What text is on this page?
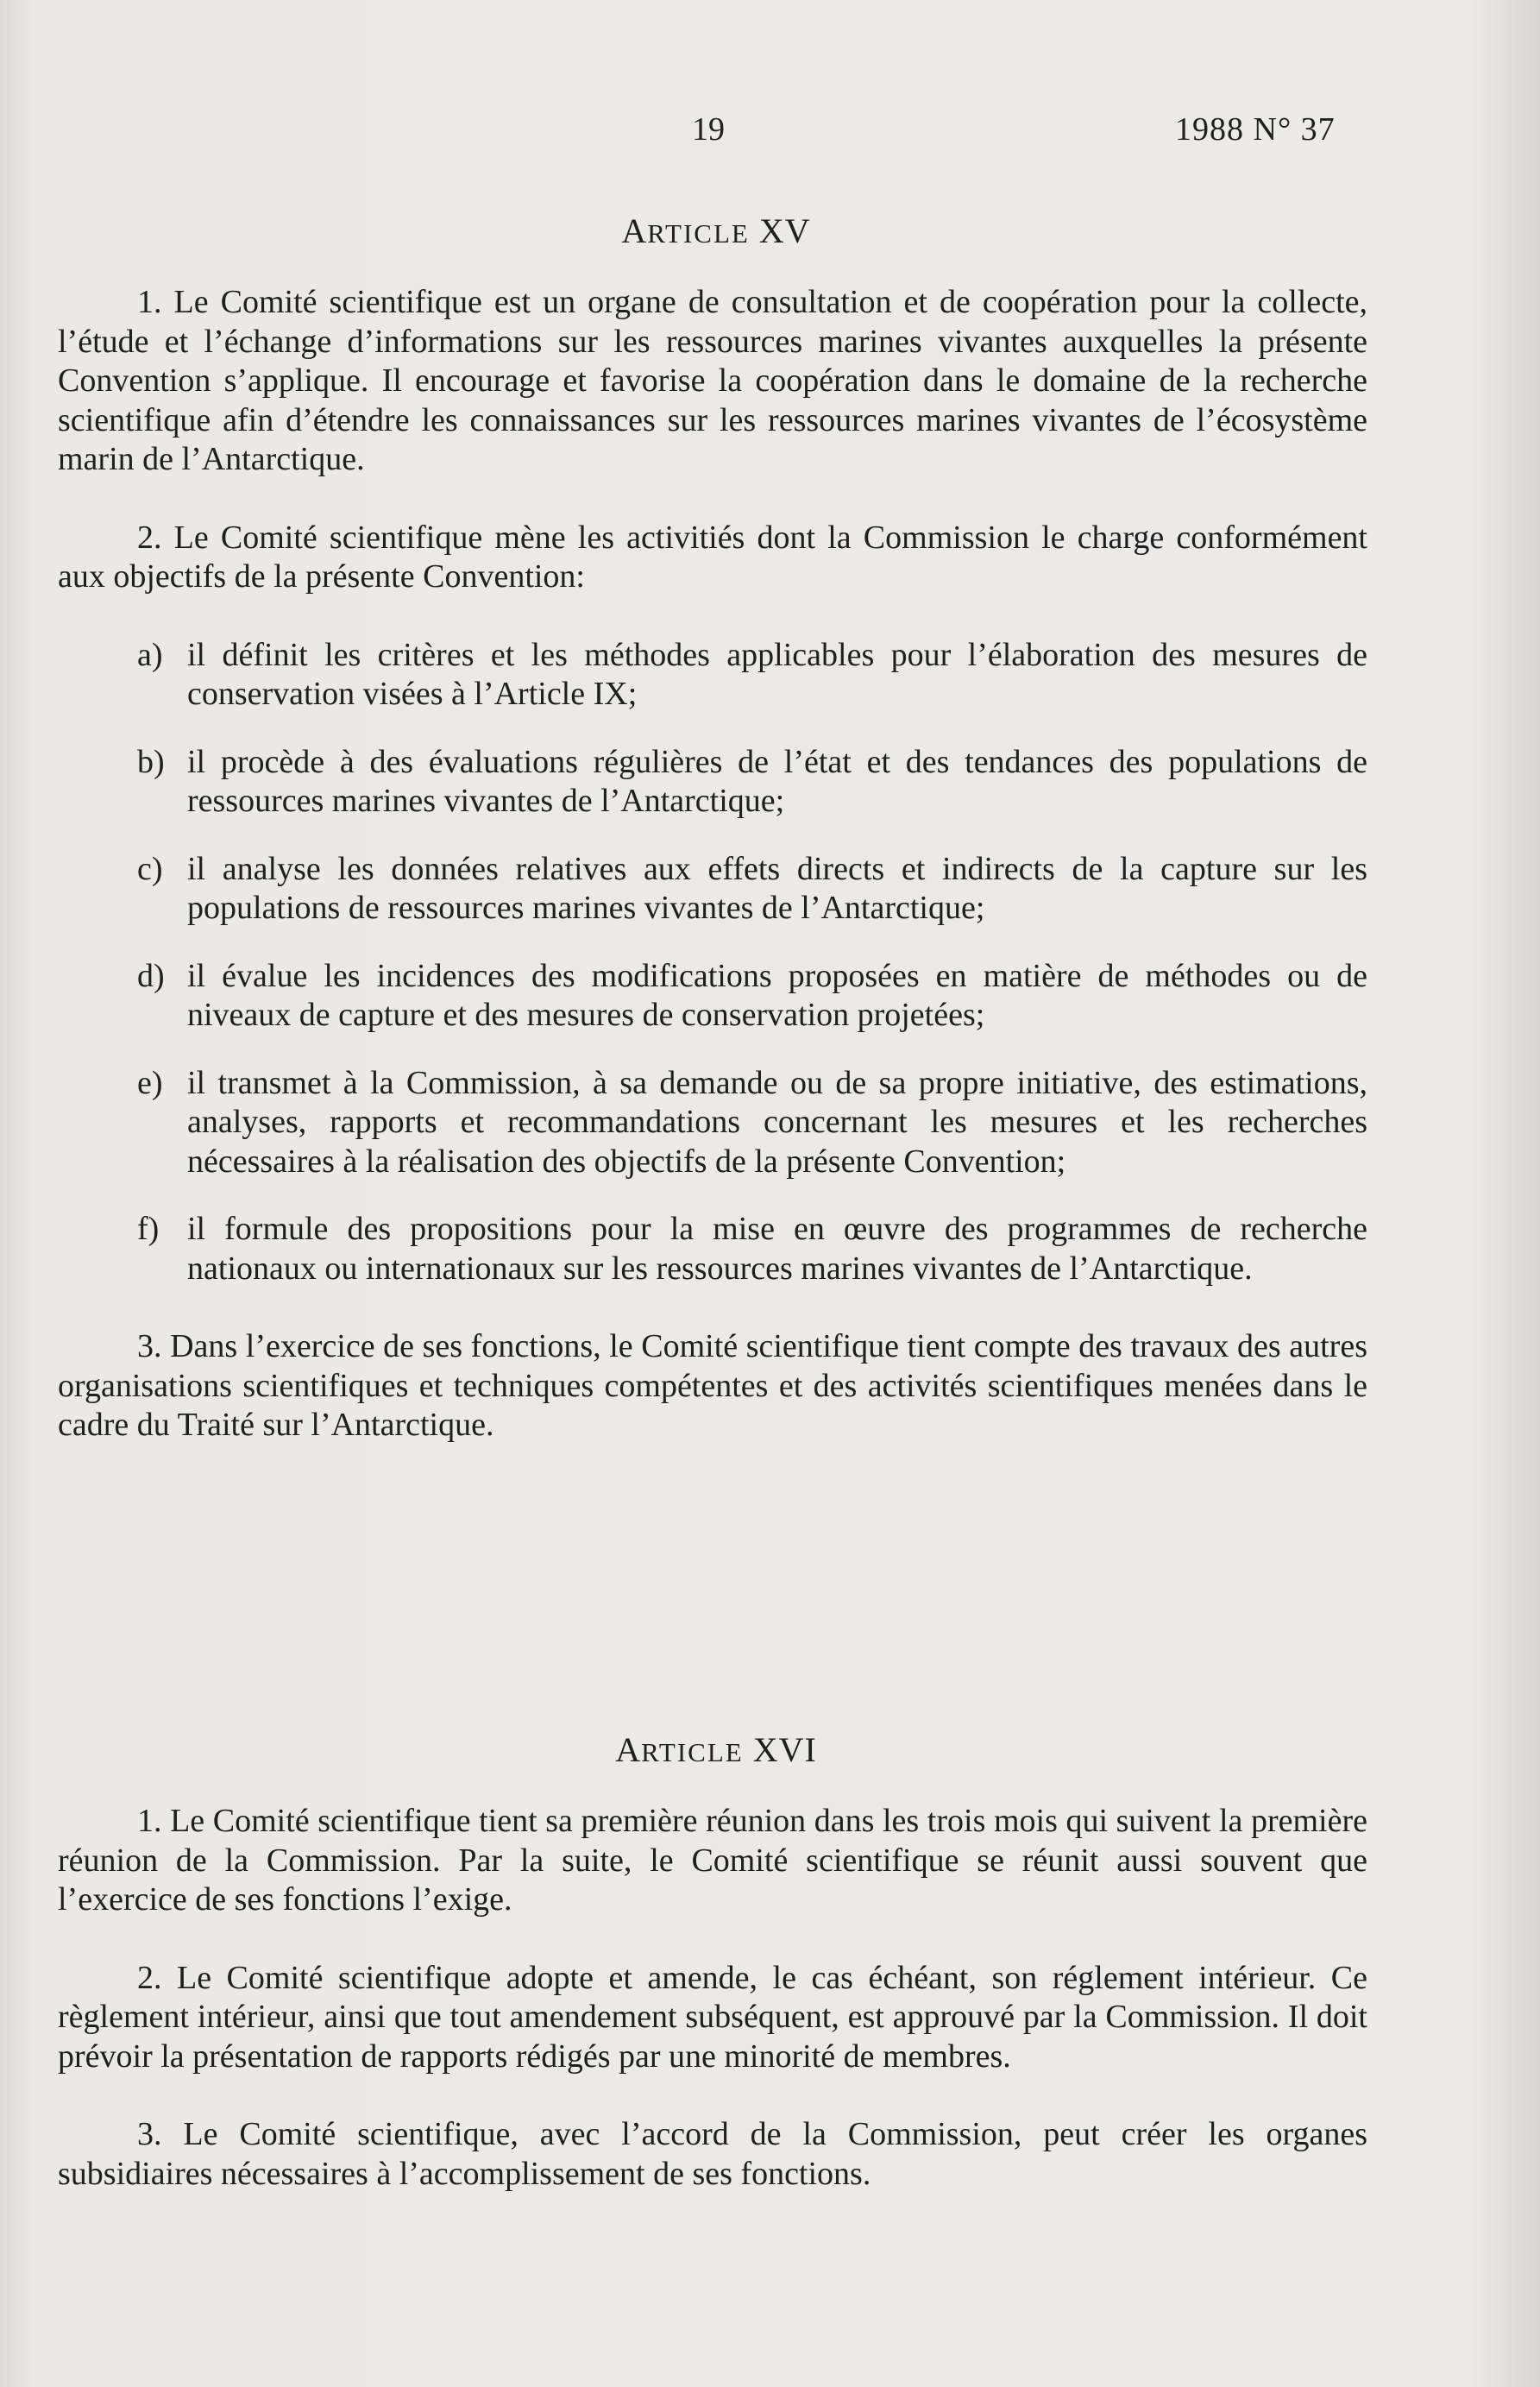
19	1988 N° 37
ARTICLE XV

1. Le Comité scientifique est un organe de consultation et de coopération pour la collecte, l’étude et l’échange d’informations sur les ressources marines vivantes auxquelles la présente Convention s’applique. Il encourage et favorise la coopération dans le domaine de la recherche scientifique afin d’étendre les connaissances sur les ressources marines vivantes de l’écosystème marin de l’Antarctique.

2. Le Comité scientifique mène les activitiés dont la Commission le charge conformément aux objectifs de la présente Convention:

a) il définit les critères et les méthodes applicables pour l’élaboration des mesures de conservation visées à l’Article IX;
b) il procède à des évaluations régulières de l’état et des tendances des populations de ressources marines vivantes de l’Antarctique;
c) il analyse les données relatives aux effets directs et indirects de la capture sur les populations de ressources marines vivantes de l’Antarctique;
d) il évalue les incidences des modifications proposées en matière de méthodes ou de niveaux de capture et des mesures de conservation projetées;
e) il transmet à la Commission, à sa demande ou de sa propre initiative, des estimations, analyses, rapports et recommandations concernant les mesures et les recherches nécessaires à la réalisation des objectifs de la présente Convention;
f) il formule des propositions pour la mise en œuvre des programmes de recherche nationaux ou internationaux sur les ressources marines vivantes de l’Antarctique.

3. Dans l’exercice de ses fonctions, le Comité scientifique tient compte des travaux des autres organisations scientifiques et techniques compétentes et des activités scientifiques menées dans le cadre du Traité sur l’Antarctique.

ARTICLE XVI

1. Le Comité scientifique tient sa première réunion dans les trois mois qui suivent la première réunion de la Commission. Par la suite, le Comité scientifique se réunit aussi souvent que l’exercice de ses fonctions l’exige.

2. Le Comité scientifique adopte et amende, le cas échéant, son réglement intérieur. Ce règlement intérieur, ainsi que tout amendement subséquent, est approuvé par la Commission. Il doit prévoir la présentation de rapports rédigés par une minorité de membres.

3. Le Comité scientifique, avec l’accord de la Commission, peut créer les organes subsidiaires nécessaires à l’accomplissement de ses fonctions.
